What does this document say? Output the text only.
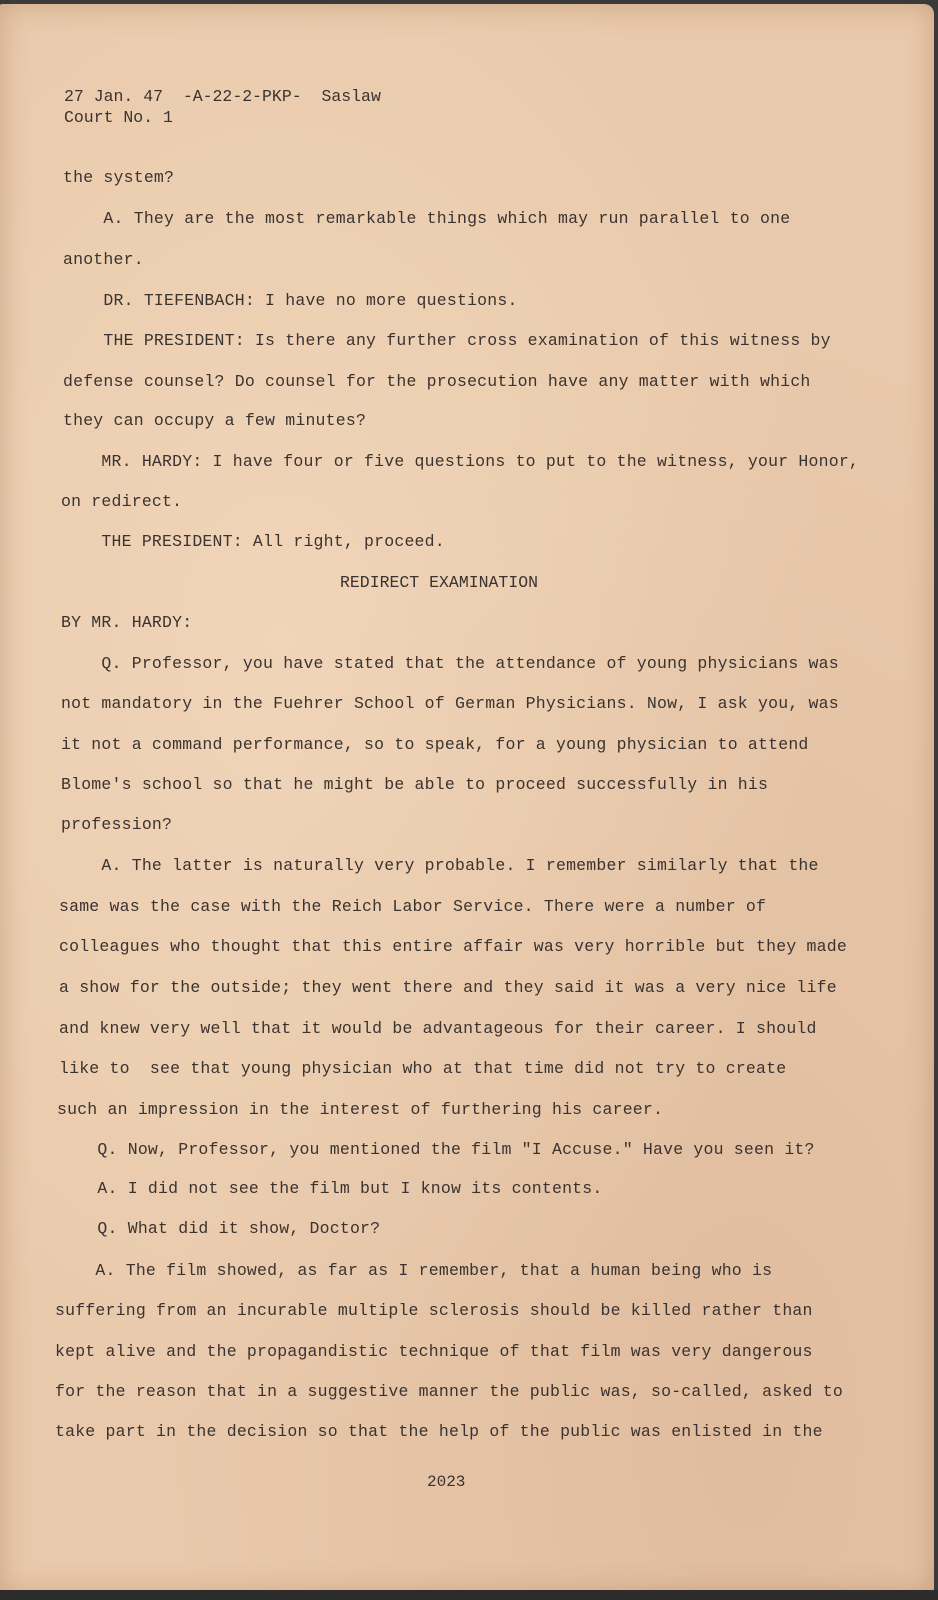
27 Jan. 47  -A-22-2-PKP-  Saslaw
Court No. 1
the system?
A. They are the most remarkable things which may run parallel to one
another.
DR. TIEFENBACH: I have no more questions.
THE PRESIDENT: Is there any further cross examination of this witness by
defense counsel? Do counsel for the prosecution have any matter with which
they can occupy a few minutes?
MR. HARDY: I have four or five questions to put to the witness, your Honor,
on redirect.
THE PRESIDENT: All right, proceed.
BY MR. HARDY:
Q. Professor, you have stated that the attendance of young physicians was
not mandatory in the Fuehrer School of German Physicians. Now, I ask you, was
it not a command performance, so to speak, for a young physician to attend
Blome's school so that he might be able to proceed successfully in his
profession?
A. The latter is naturally very probable. I remember similarly that the
same was the case with the Reich Labor Service. There were a number of
colleagues who thought that this entire affair was very horrible but they made
a show for the outside; they went there and they said it was a very nice life
and knew very well that it would be advantageous for their career. I should
like to  see that young physician who at that time did not try to create
such an impression in the interest of furthering his career.
Q. Now, Professor, you mentioned the film "I Accuse." Have you seen it?
A. I did not see the film but I know its contents.
Q. What did it show, Doctor?
A. The film showed, as far as I remember, that a human being who is
suffering from an incurable multiple sclerosis should be killed rather than
kept alive and the propagandistic technique of that film was very dangerous
for the reason that in a suggestive manner the public was, so-called, asked to
take part in the decision so that the help of the public was enlisted in the
REDIRECT EXAMINATION
2023
